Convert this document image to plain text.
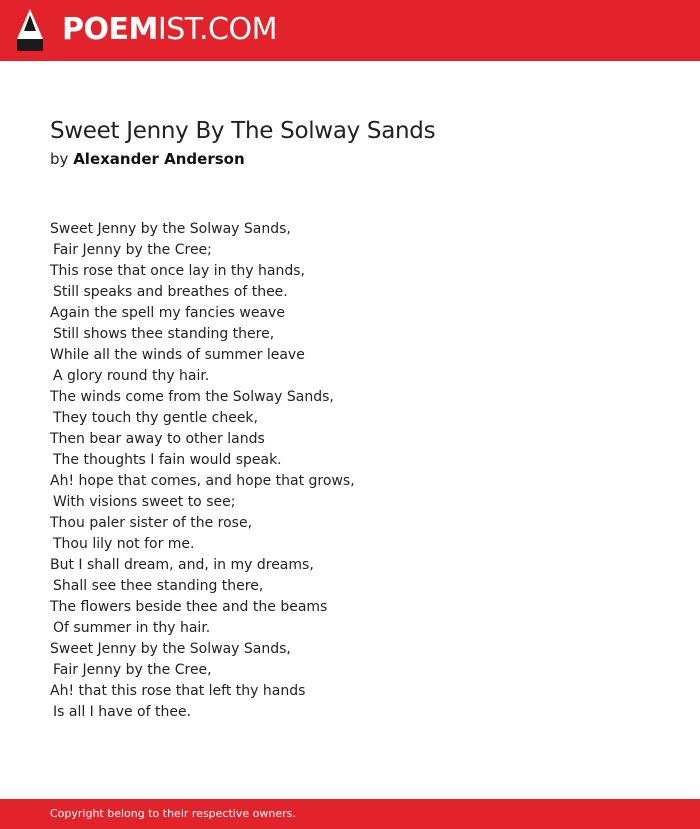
POEMIST.COM
Sweet Jenny By The Solway Sands
by Alexander Anderson
Sweet Jenny by the Solway Sands,
Fair Jenny by the Cree;
This rose that once lay in thy hands,
Still speaks and breathes of thee.
Again the spell my fancies weave
Still shows thee standing there,
While all the winds of summer leave
A glory round thy hair.
The winds come from the Solway Sands,
They touch thy gentle cheek,
Then bear away to other lands
The thoughts I fain would speak.
Ah! hope that comes, and hope that grows,
With visions sweet to see;
Thou paler sister of the rose,
Thou lily not for me.
But I shall dream, and, in my dreams,
Shall see thee standing there,
The flowers beside thee and the beams
Of summer in thy hair.
Sweet Jenny by the Solway Sands,
Fair Jenny by the Cree,
Ah! that this rose that left thy hands
Is all I have of thee.
Copyright belong to their respective owners.
